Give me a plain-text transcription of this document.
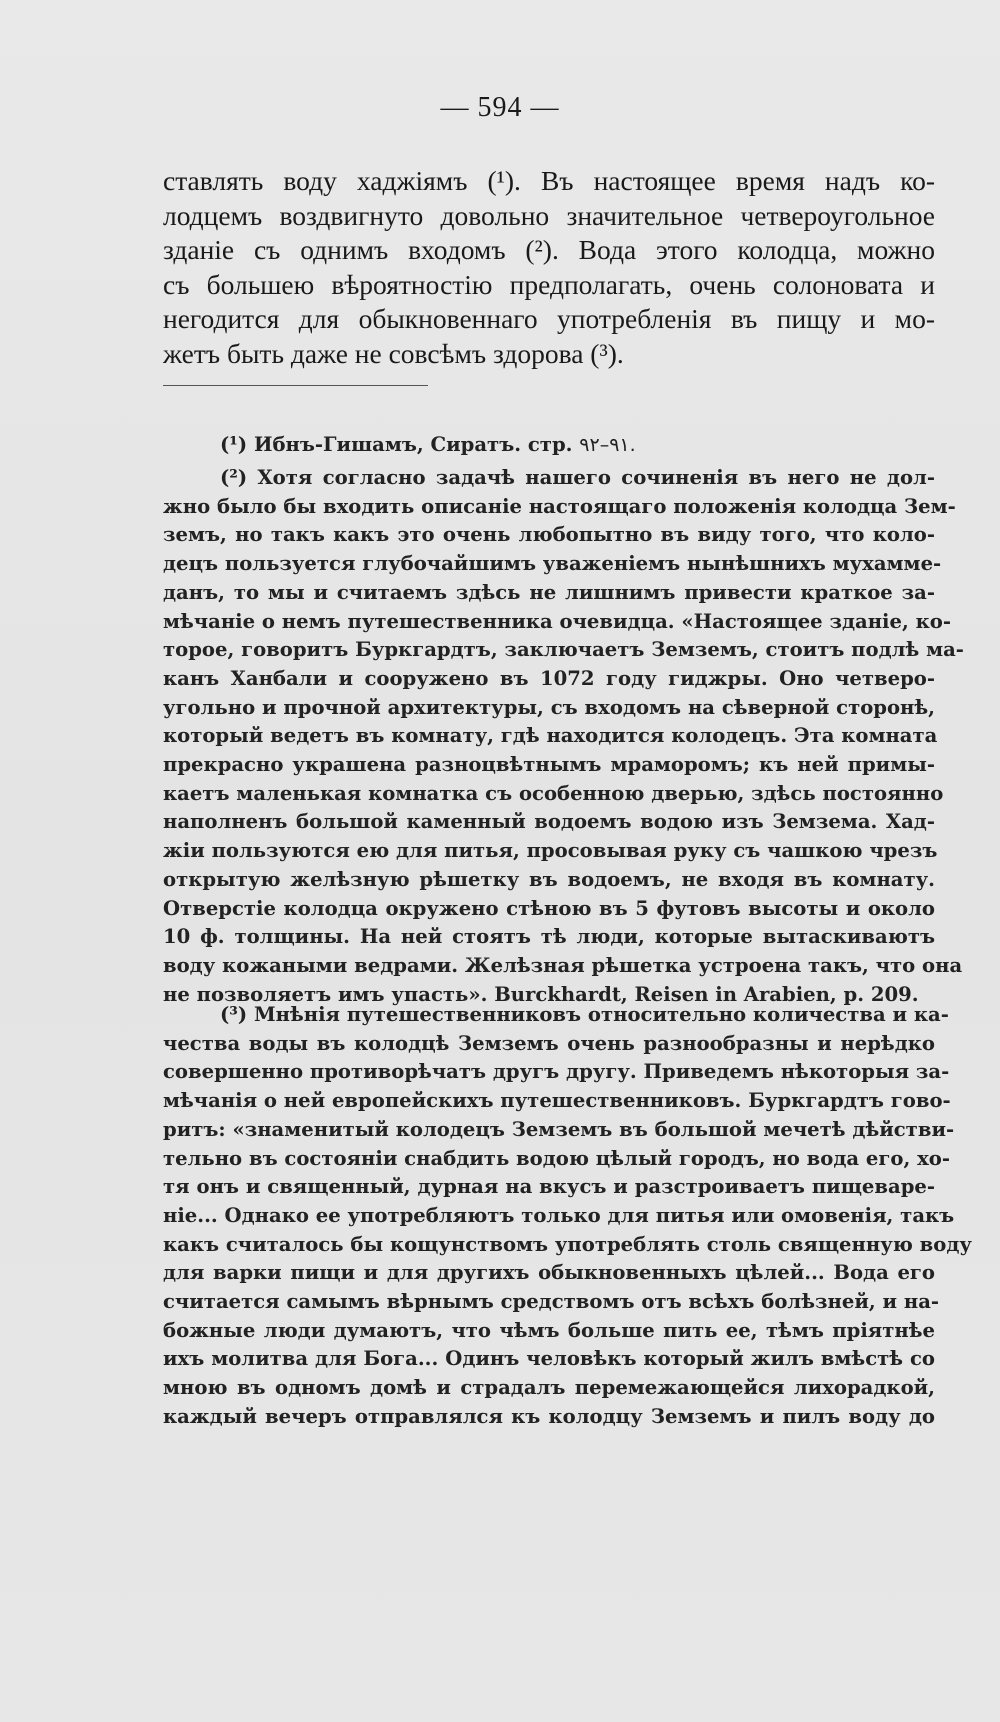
— 594 —
ставлять воду хаджіямъ (¹). Въ настоящее время надъ ко-
лодцемъ воздвигнуто довольно значительное четвероугольное
зданіе съ однимъ входомъ (²). Вода этого колодца, можно
съ большею вѣроятностію предполагать, очень солоновата и
негодится для обыкновеннаго употребленія въ пищу и мо-
жетъ быть даже не совсѣмъ здорова (³).
(¹) Ибнъ-Гишамъ, Сиратъ. стр. ٩١–٩٢.
(²) Хотя согласно задачѣ нашего сочиненія въ него не дол-
жно было бы входить описаніе настоящаго положенія колодца Зем-
земъ, но такъ какъ это очень любопытно въ виду того, что коло-
децъ пользуется глубочайшимъ уваженіемъ нынѣшнихъ мухамме-
данъ, то мы и считаемъ здѣсь не лишнимъ привести краткое за-
мѣчаніе о немъ путешественника очевидца. «Настоящее зданіе, ко-
торое, говоритъ Буркгардтъ, заключаетъ Земземъ, стоитъ подлѣ ма-
канъ Ханбали и сооружено въ 1072 году гиджры. Оно четверо-
угольно и прочной архитектуры, съ входомъ на сѣверной сторонѣ,
который ведетъ въ комнату, гдѣ находится колодецъ. Эта комната
прекрасно украшена разноцвѣтнымъ мраморомъ; къ ней примы-
каетъ маленькая комнатка съ особенною дверью, здѣсь постоянно
наполненъ большой каменный водоемъ водою изъ Земзема. Хад-
жіи пользуются ею для питья, просовывая руку съ чашкою чрезъ
открытую желѣзную рѣшетку въ водоемъ, не входя въ комнату.
Отверстіе колодца окружено стѣною въ 5 футовъ высоты и около
10 ф. толщины. На ней стоятъ тѣ люди, которые вытаскиваютъ
воду кожаными ведрами. Желѣзная рѣшетка устроена такъ, что она
не позволяетъ имъ упасть». Burckhardt, Reisen in Arabien, p. 209.
(³) Мнѣнія путешественниковъ относительно количества и ка-
чества воды въ колодцѣ Земземъ очень разнообразны и нерѣдко
совершенно противорѣчатъ другъ другу. Приведемъ нѣкоторыя за-
мѣчанія о ней европейскихъ путешественниковъ. Буркгардтъ гово-
ритъ: «знаменитый колодецъ Земземъ въ большой мечетѣ дѣйстви-
тельно въ состояніи снабдить водою цѣлый городъ, но вода его, хо-
тя онъ и священный, дурная на вкусъ и разстроиваетъ пищеваре-
ніе... Однако ее употребляютъ только для питья или омовенія, такъ
какъ считалось бы кощунствомъ употреблять столь священную воду
для варки пищи и для другихъ обыкновенныхъ цѣлей... Вода его
считается самымъ вѣрнымъ средствомъ отъ всѣхъ болѣзней, и на-
божные люди думаютъ, что чѣмъ больше пить ее, тѣмъ пріятнѣе
ихъ молитва для Бога... Одинъ человѣкъ который жилъ вмѣстѣ со
мною въ одномъ домѣ и страдалъ перемежающейся лихорадкой,
каждый вечеръ отправлялся къ колодцу Земземъ и пилъ воду до
